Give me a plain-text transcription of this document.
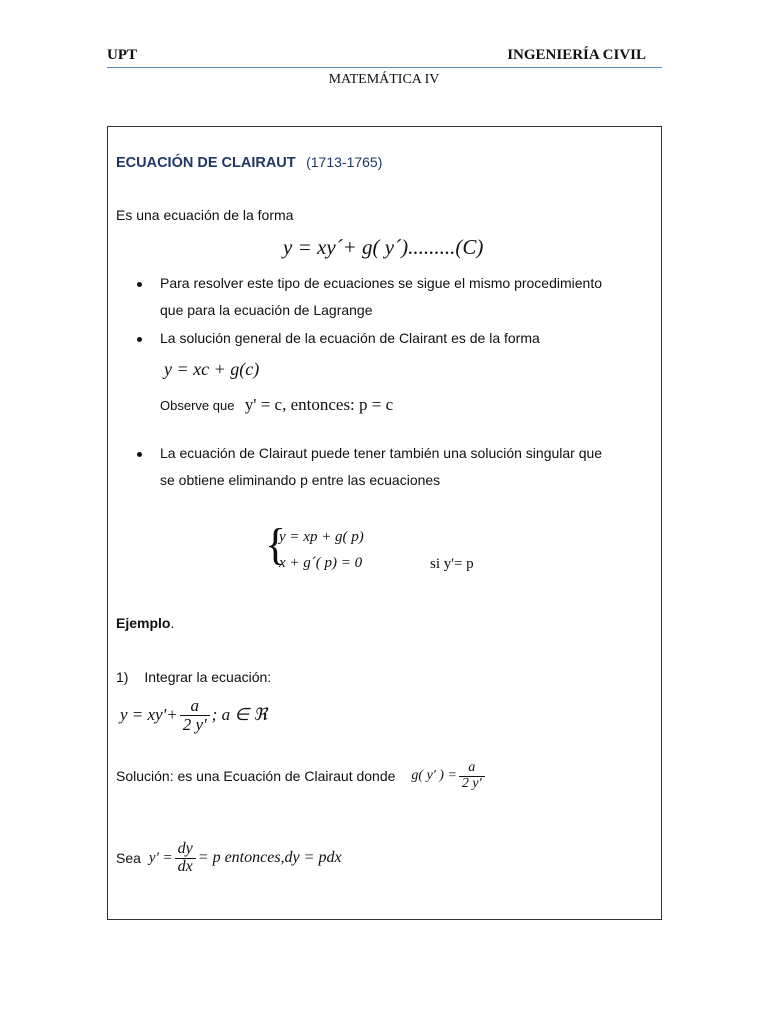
UPT	INGENIERÍA CIVIL
MATEMÁTICA IV
ECUACIÓN DE CLAIRAUT (1713-1765)
Es una ecuación de la forma
y = xy´+ g( y´).........(C)
Para resolver este tipo de ecuaciones se sigue el mismo procedimiento
que para la ecuación de Lagrange
La solución general de la ecuación de Clairant es de la forma
y = xc + g(c)
Observe que y' = c, entonces: p = c
La ecuación de Clairaut puede tener también una solución singular que
se obtiene eliminando p entre las ecuaciones
{
y = xp + g( p)
x + g´( p) = 0	si y'= p
Ejemplo.
1) Integrar la ecuación:
$y = xy'+ \frac{a}{2 y'}$ ; a ∈ ℜ
Solución: es una Ecuación de Clairaut donde g( y' ) = $\frac{a}{2 y'}$
Sea $y' = \frac{dy}{dx} = p$ entonces,dy = pdx
